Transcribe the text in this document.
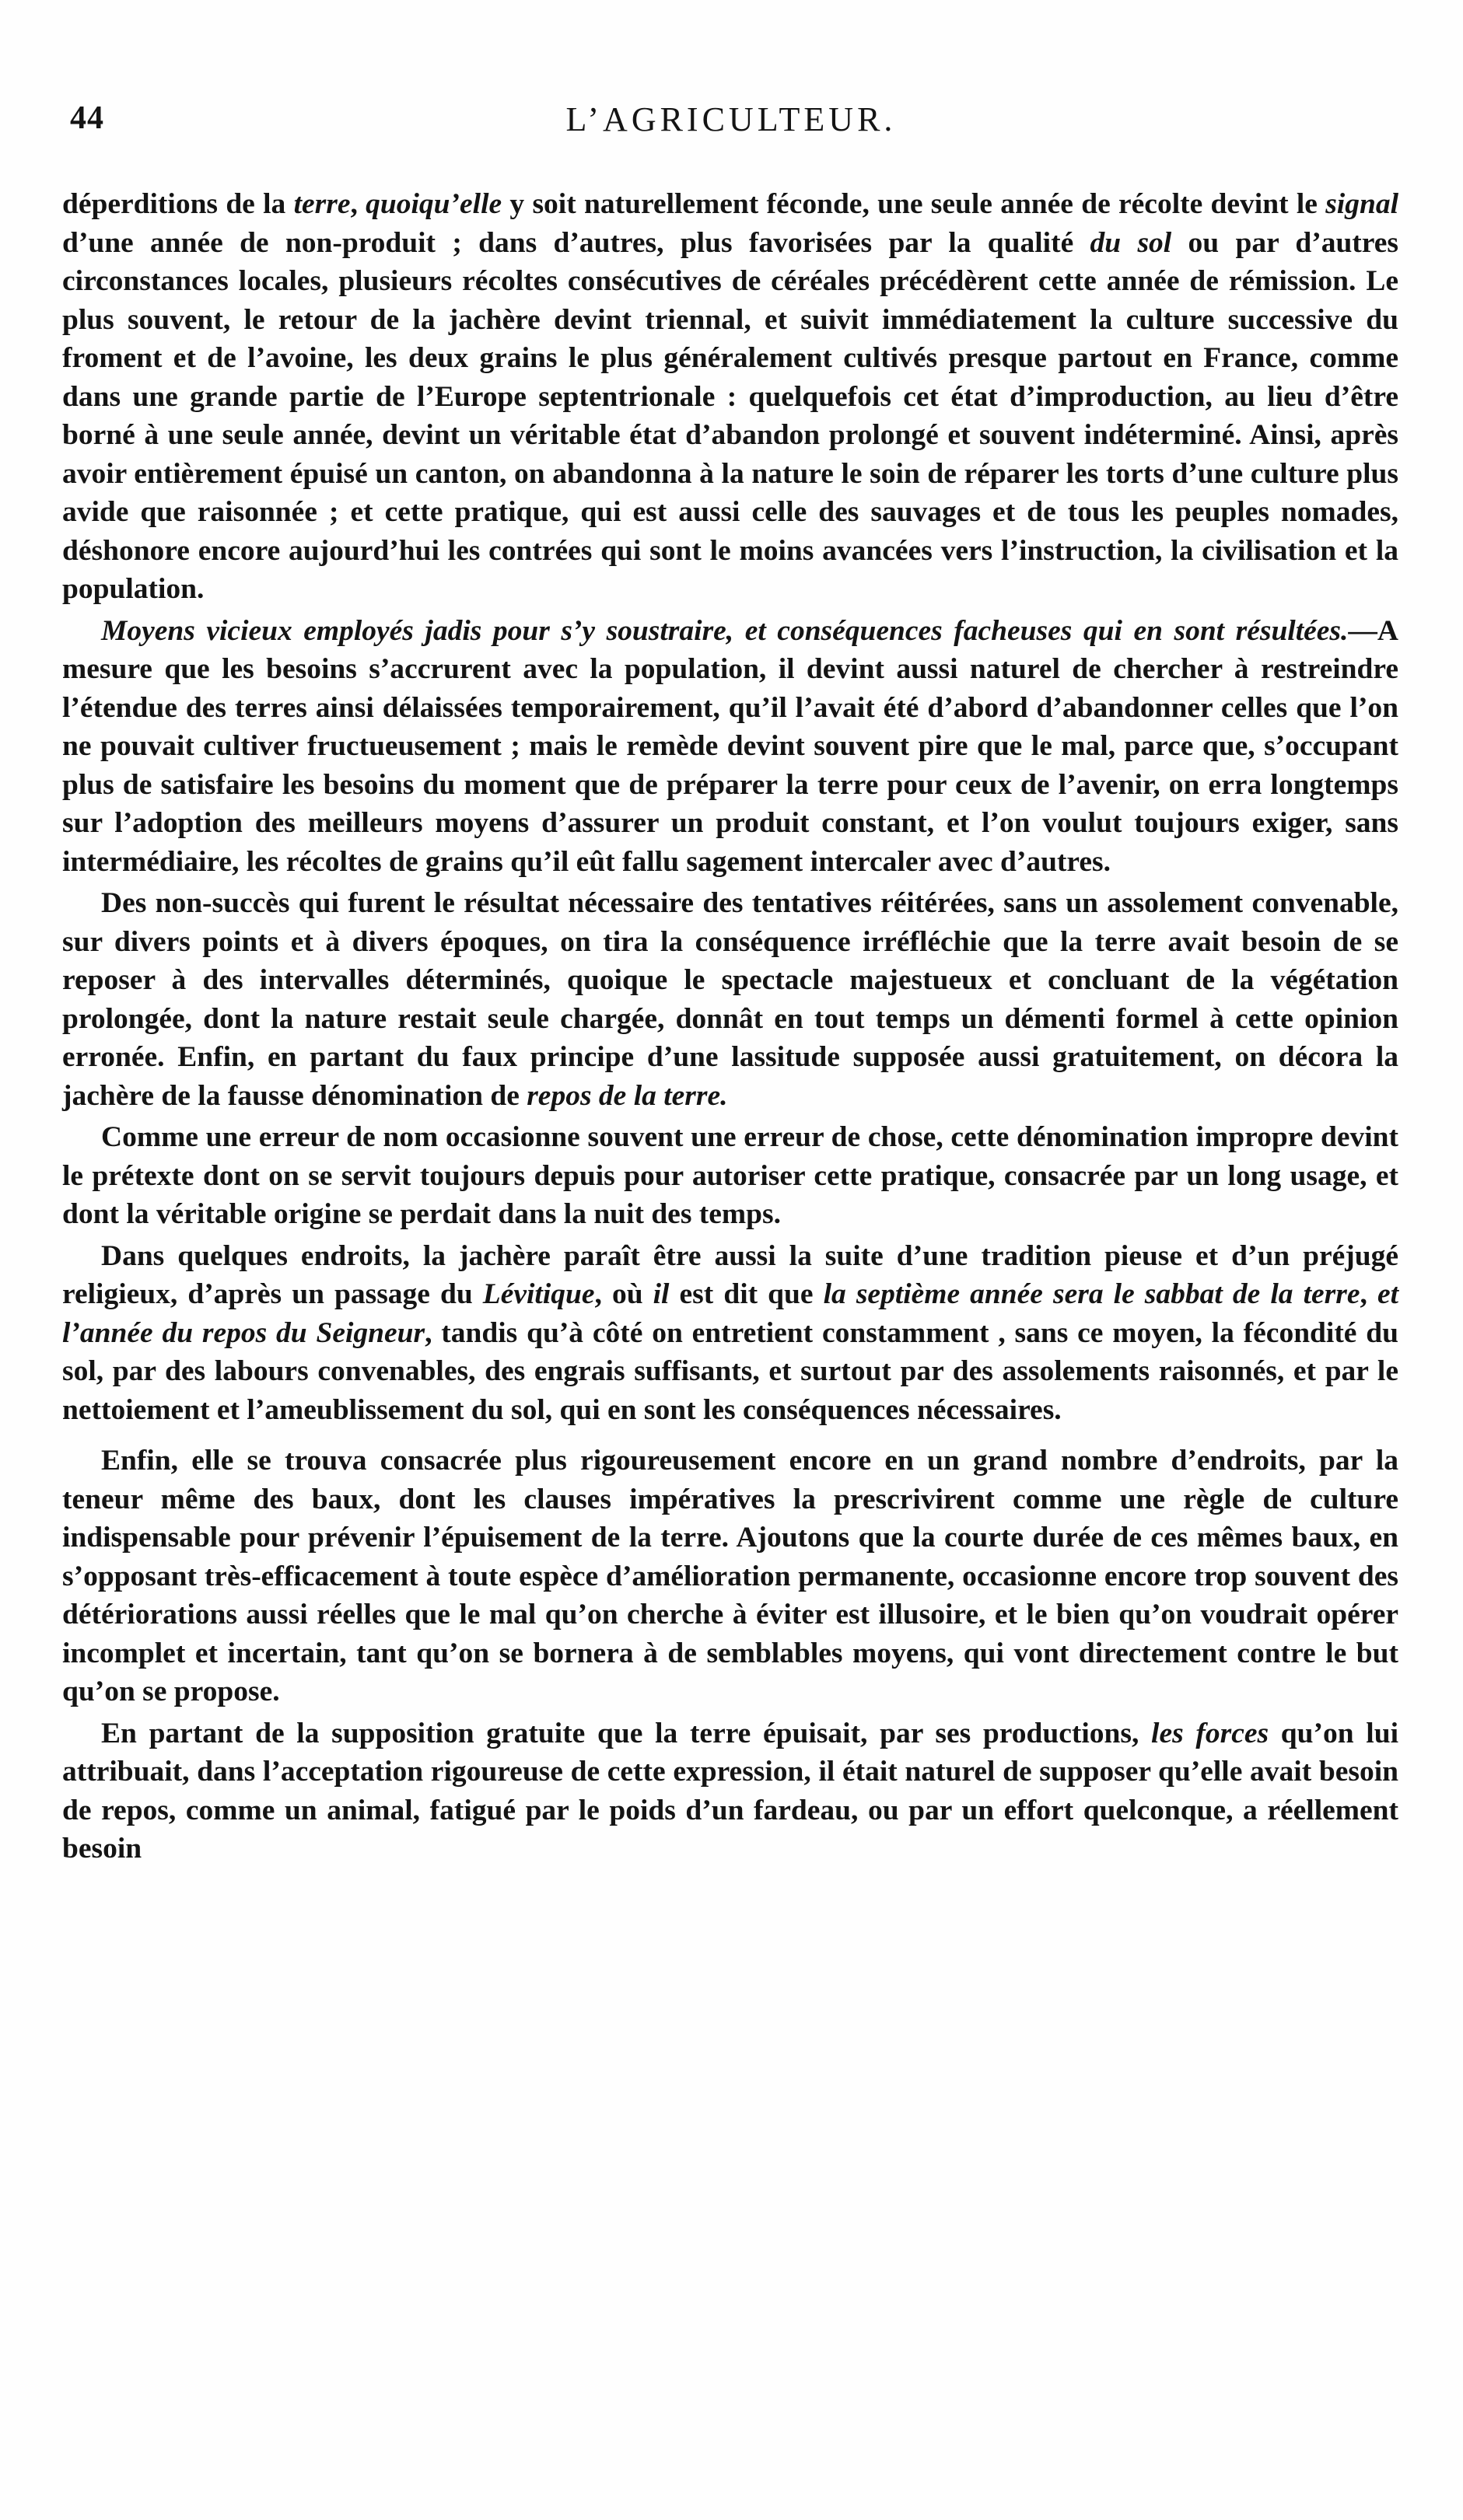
44	L’AGRICULTEUR.

déperditions de la terre, quoiqu’elle y soit naturellement féconde, une seule année de récolte devint le signal d’une année de non-produit ; dans d’autres, plus favorisées par la qualité du sol ou par d’autres circonstances locales, plusieurs récoltes consécutives de céréales précédèrent cette année de rémission. Le plus souvent, le retour de la jachère devint triennal, et suivit immédiatement la culture successive du froment et de l’avoine, les deux grains le plus généralement cultivés presque partout en France, comme dans une grande partie de l’Europe septentrionale : quelquefois cet état d’improduction, au lieu d’être borné à une seule année, devint un véritable état d’abandon prolongé et souvent indéterminé. Ainsi, après avoir entièrement épuisé un canton, on abandonna à la nature le soin de réparer les torts d’une culture plus avide que raisonnée ; et cette pratique, qui est aussi celle des sauvages et de tous les peuples nomades, déshonore encore aujourd’hui les contrées qui sont le moins avancées vers l’instruction, la civilisation et la population.

Moyens vicieux employés jadis pour s’y soustraire, et conséquences facheuses qui en sont résultées.—A mesure que les besoins s’accrurent avec la population, il devint aussi naturel de chercher à restreindre l’étendue des terres ainsi délaissées temporairement, qu’il l’avait été d’abord d’abandonner celles que l’on ne pouvait cultiver fructueusement ; mais le remède devint souvent pire que le mal, parce que, s’occupant plus de satisfaire les besoins du moment que de préparer la terre pour ceux de l’avenir, on erra longtemps sur l’adoption des meilleurs moyens d’assurer un produit constant, et l’on voulut toujours exiger, sans intermédiaire, les récoltes de grains qu’il eût fallu sagement intercaler avec d’autres.

Des non-succès qui furent le résultat nécessaire des tentatives réitérées, sans un assolement convenable, sur divers points et à divers époques, on tira la conséquence irréfléchie que la terre avait besoin de se reposer à des intervalles déterminés, quoique le spectacle majestueux et concluant de la végétation prolongée, dont la nature restait seule chargée, donnât en tout temps un démenti formel à cette opinion erronée. Enfin, en partant du faux principe d’une lassitude supposée aussi gratuitement, on décora la jachère de la fausse dénomination de repos de la terre.

Comme une erreur de nom occasionne souvent une erreur de chose, cette dénomination impropre devint le prétexte dont on se servit toujours depuis pour autoriser cette pratique, consacrée par un long usage, et dont la véritable origine se perdait dans la nuit des temps.

Dans quelques endroits, la jachère paraît être aussi la suite d’une tradition pieuse et d’un préjugé religieux, d’après un passage du Lévitique, où il est dit que la septième année sera le sabbat de la terre, et l’année du repos du Seigneur, tandis qu’à côté on entretient constamment , sans ce moyen, la fécondité du sol, par des labours convenables, des engrais suffisants, et surtout par des assolements raisonnés, et par le nettoiement et l’ameublissement du sol, qui en sont les conséquences nécessaires.

Enfin, elle se trouva consacrée plus rigoureusement encore en un grand nombre d’endroits, par la teneur même des baux, dont les clauses impératives la prescrivirent comme une règle de culture indispensable pour prévenir l’épuisement de la terre. Ajoutons que la courte durée de ces mêmes baux, en s’opposant très-efficacement à toute espèce d’amélioration permanente, occasionne encore trop souvent des détériorations aussi réelles que le mal qu’on cherche à éviter est illusoire, et le bien qu’on voudrait opérer incomplet et incertain, tant qu’on se bornera à de semblables moyens, qui vont directement contre le but qu’on se propose.

En partant de la supposition gratuite que la terre épuisait, par ses productions, les forces qu’on lui attribuait, dans l’acceptation rigoureuse de cette expression, il était naturel de supposer qu’elle avait besoin de repos, comme un animal, fatigué par le poids d’un fardeau, ou par un effort quelconque, a réellement besoin
